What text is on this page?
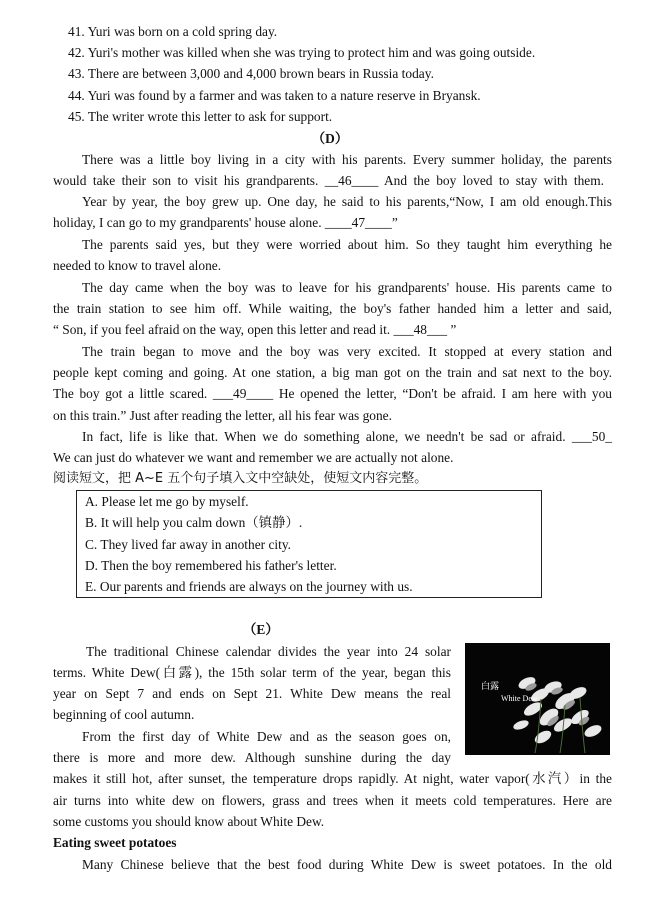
41. Yuri was born on a cold spring day.
42. Yuri's mother was killed when she was trying to protect him and was going outside.
43. There are between 3,000 and 4,000 brown bears in Russia today.
44. Yuri was found by a farmer and was taken to a nature reserve in Bryansk.
45. The writer wrote this letter to ask for support.
（D）
There was a little boy living in a city with his parents. Every summer holiday, the parents
would take their son to visit his grandparents. __46____ And the boy loved to stay with them.
Year by year, the boy grew up. One day, he said to his parents,“Now, I am old enough.This
holiday, I can go to my grandparents' house alone. ____47____”
The parents said yes, but they were worried about him. So they taught him everything he
needed to know to travel alone.
The day came when the boy was to leave for his grandparents' house. His parents came to
the train station to see him off. While waiting, the boy's father handed him a letter and said,
“ Son, if you feel afraid on the way, open this letter and read it. ___48___ ”
The train began to move and the boy was very excited. It stopped at every station and
people kept coming and going. At one station, a big man got on the train and sat next to the boy.
The boy got a little scared. ___49____ He opened the letter, “Don't be afraid. I am here with you
on this train.” Just after reading the letter, all his fear was gone.
In fact, life is like that. When we do something alone, we needn't be sad or afraid. ___50_
We can just do whatever we want and remember we are actually not alone.
阅读短文，把 A~E 五个句子填入文中空缺处，使短文内容完整。
A. Please let me go by myself.
B. It will help you calm down（镇静）.
C. They lived far away in another city.
D. Then the boy remembered his father's letter.
E. Our parents and friends are always on the journey with us.
（E）
The traditional Chinese calendar divides the year into 24 solar
terms. White Dew(白露), the 15th solar term of the year, began this
year on Sept 7 and ends on Sept 21. White Dew means the real
beginning of cool autumn.
From the first day of White Dew and as the season goes on,
there is more and more dew. Although sunshine during the day
makes it still hot, after sunset, the temperature drops rapidly. At night, water vapor(水汽）in the
air turns into white dew on flowers, grass and trees when it meets cold temperatures. Here are
some customs you should know about White Dew.
Eating sweet potatoes
Many Chinese believe that the best food during White Dew is sweet potatoes. In the old
白露
White Dew
